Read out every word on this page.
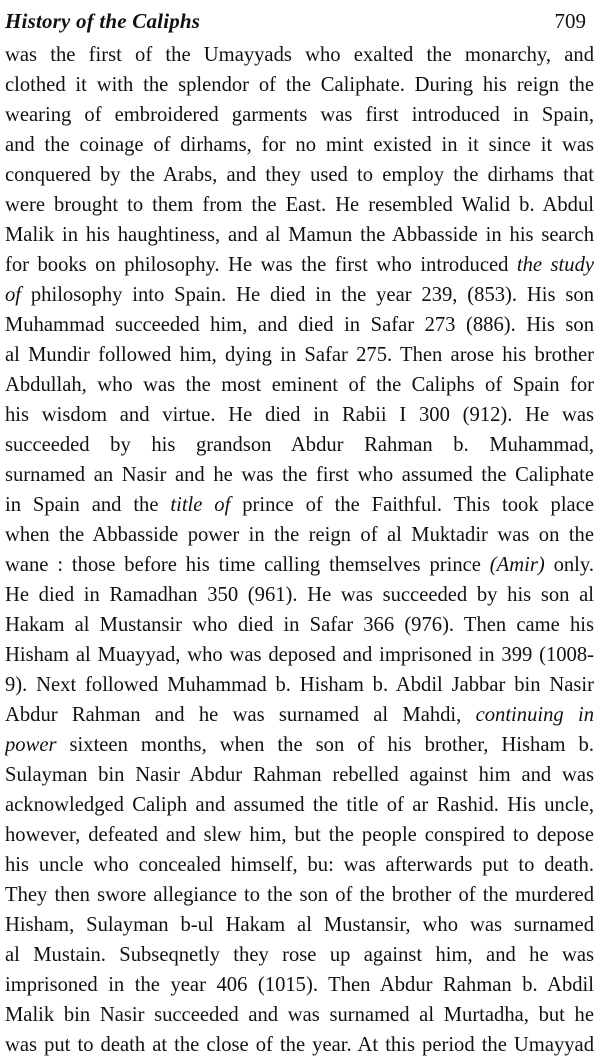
History of the Caliphs	709
was the first of the Umayyads who exalted the monarchy, and
clothed it with the splendor of the Caliphate. During his reign the
wearing of embroidered garments was first introduced in Spain,
and the coinage of dirhams, for no mint existed in it since it was
conquered by the Arabs, and they used to employ the dirhams that
were brought to them from the East. He resembled Walid b. Abdul
Malik in his haughtiness, and al Mamun the Abbasside in his search
for books on philosophy. He was the first who introduced the study
of philosophy into Spain. He died in the year 239, (853). His son
Muhammad succeeded him, and died in Safar 273 (886). His son
al Mundir followed him, dying in Safar 275. Then arose his brother
Abdullah, who was the most eminent of the Caliphs of Spain for
his wisdom and virtue. He died in Rabii I 300 (912). He was
succeeded by his grandson Abdur Rahman b. Muhammad,
surnamed an Nasir and he was the first who assumed the Caliphate
in Spain and the title of prince of the Faithful. This took place
when the Abbasside power in the reign of al Muktadir was on the
wane : those before his time calling themselves prince (Amir) only.
He died in Ramadhan 350 (961). He was succeeded by his son al
Hakam al Mustansir who died in Safar 366 (976). Then came his
Hisham al Muayyad, who was deposed and imprisoned in 399 (1008-
9). Next followed Muhammad b. Hisham b. Abdil Jabbar bin Nasir
Abdur Rahman and he was surnamed al Mahdi, continuing in
power sixteen months, when the son of his brother, Hisham b.
Sulayman bin Nasir Abdur Rahman rebelled against him and was
acknowledged Caliph and assumed the title of ar Rashid. His uncle,
however, defeated and slew him, but the people conspired to depose
his uncle who concealed himself, bu: was afterwards put to death.
They then swore allegiance to the son of the brother of the murdered
Hisham, Sulayman b-ul Hakam al Mustansir, who was surnamed
al Mustain. Subseqnetly they rose up against him, and he was
imprisoned in the year 406 (1015). Then Abdur Rahman b. Abdil
Malik bin Nasir succeeded and was surnamed al Murtadha, but he
was put to death at the close of the year. At this period the Umayyad
